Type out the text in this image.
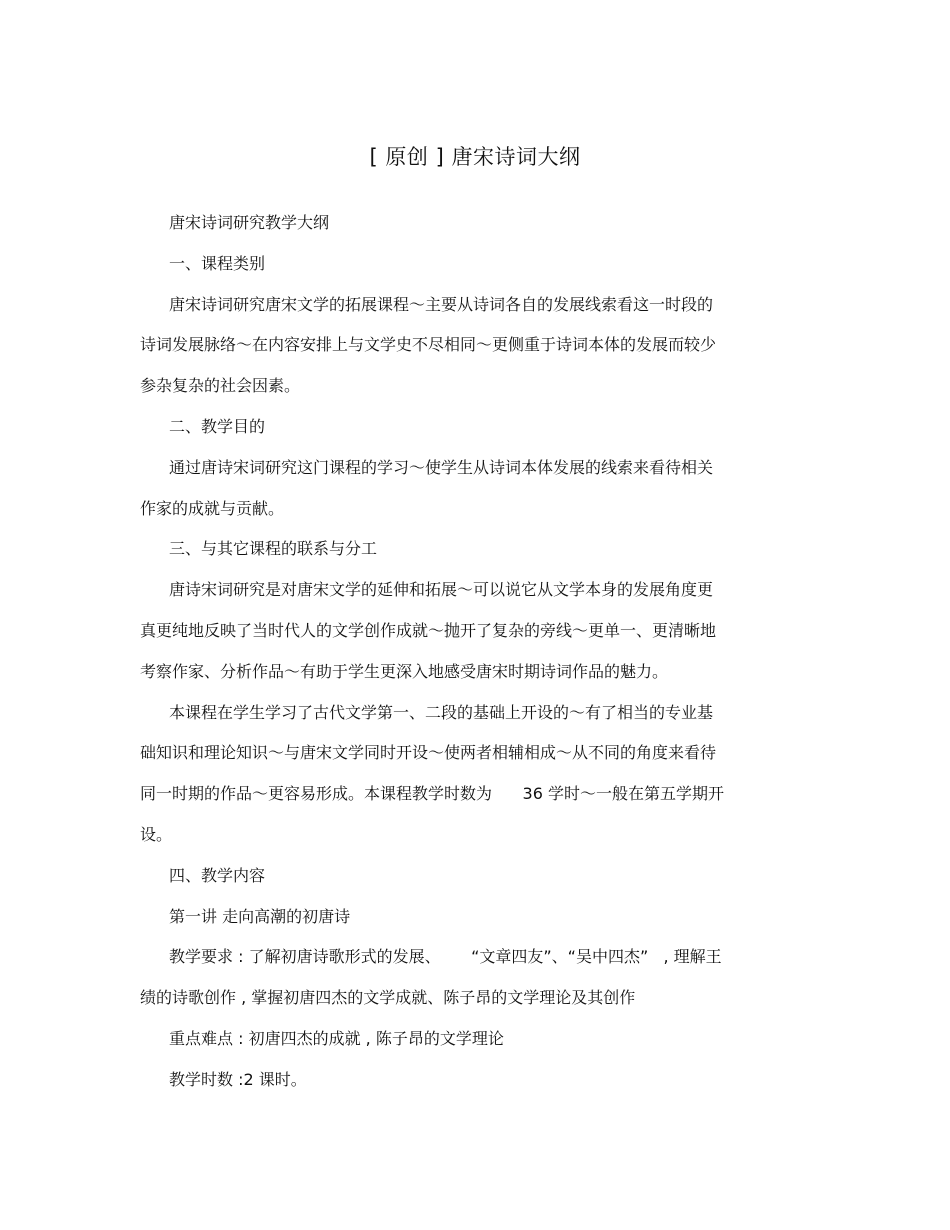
[ 原创 ] 唐宋诗词大纲

唐宋诗词研究教学大纲

一、课程类别

唐宋诗词研究唐宋文学的拓展课程～主要从诗词各自的发展线索看这一时段的
诗词发展脉络～在内容安排上与文学史不尽相同～更侧重于诗词本体的发展而较少
参杂复杂的社会因素。

二、教学目的

通过唐诗宋词研究这门课程的学习～使学生从诗词本体发展的线索来看待相关
作家的成就与贡献。

三、与其它课程的联系与分工

唐诗宋词研究是对唐宋文学的延伸和拓展～可以说它从文学本身的发展角度更
真更纯地反映了当时代人的文学创作成就～抛开了复杂的旁线～更单一、更清晰地
考察作家、分析作品～有助于学生更深入地感受唐宋时期诗词作品的魅力。

本课程在学生学习了古代文学第一、二段的基础上开设的～有了相当的专业基
础知识和理论知识～与唐宋文学同时开设～使两者相辅相成～从不同的角度来看待
同一时期的作品～更容易形成。本课程教学时数为      36 学时～一般在第五学期开
设。

四、教学内容

第一讲 走向高潮的初唐诗

教学要求 : 了解初唐诗歌形式的发展、      “文章四友”、“吴中四杰”   , 理解王
绩的诗歌创作 , 掌握初唐四杰的文学成就、陈子昂的文学理论及其创作

重点难点 : 初唐四杰的成就 , 陈子昂的文学理论

教学时数 :2 课时。
